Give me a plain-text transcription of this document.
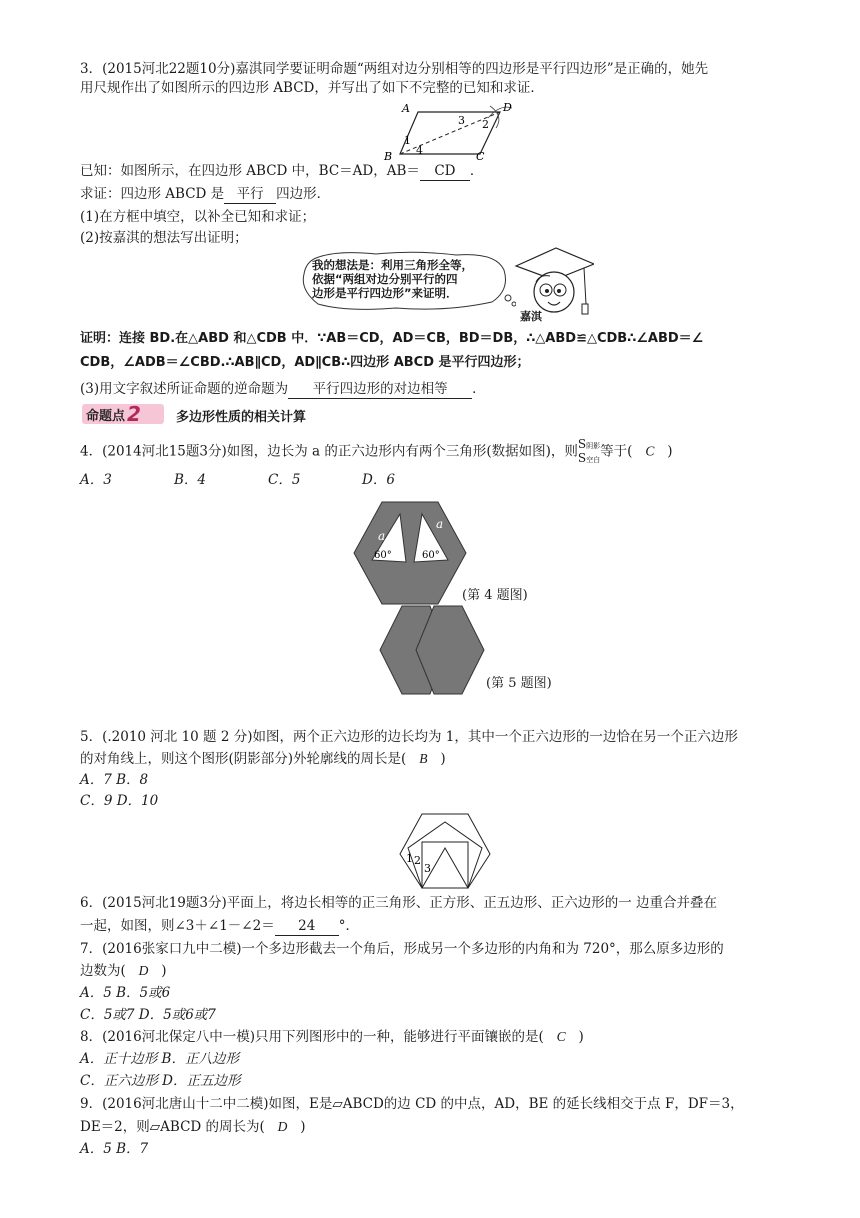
3．(2015河北22题10分)嘉淇同学要证明命题“两组对边分别相等的四边形是平行四边形”是正确的，她先
用尺规作出了如图所示的四边形 ABCD，并写出了如下不完整的已知和求证．
A	D
B	C
1
4
3 2
已知：如图所示，在四边形 ABCD 中，BC＝AD，AB＝ CD ．
求证：四边形 ABCD 是 平行 四边形．
(1)在方框中填空，以补全已知和求证；
(2)按嘉淇的想法写出证明；
我的想法是：利用三角形全等，
依据“两组对边分别平行的四
边形是平行四边形”来证明．
嘉淇
证明：连接 BD.在△ABD 和△CDB 中．∵AB＝CD，AD＝CB，BD＝DB，∴△ABD≌△CDB∴∠ABD＝∠
CDB，∠ADB＝∠CBD.∴AB∥CD，AD∥CB∴四边形 ABCD 是平行四边形；
(3)用文字叙述所证命题的逆命题为 平行四边形的对边相等 ．
命题点 2	多边形性质的相关计算
4．(2014河北15题3分)如图，边长为 a 的正六边形内有两个三角形(数据如图)，则S阴影
S空白等于( C )
A．3	B．4	C．5	D．6
a
a
60°	60°
(第 4 题图)
(第 5 题图)
5．(.2010 河北 10 题 2 分)如图，两个正六边形的边长均为 1，其中一个正六边形的一边恰在另一个正六边形
的对角线上，则这个图形(阴影部分)外轮廓线的周长是( B )
A．7 B．8
C．9 D．10
1 2
3
6．(2015河北19题3分)平面上，将边长相等的正三角形、正方形、正五边形、正六边形的一 边重合并叠在
一起，如图，则∠3＋∠1－∠2＝ 24 °．
7．(2016张家口九中二模)一个多边形截去一个角后，形成另一个多边形的内角和为 720°，那么原多边形的
边数为( D )
A．5 B．5或6
C．5或7 D．5或6或7
8．(2016河北保定八中一模)只用下列图形中的一种，能够进行平面镶嵌的是( C )
A．正十边形 B．正八边形
C．正六边形 D．正五边形
9．(2016河北唐山十二中二模)如图，E是▱ABCD的边 CD 的中点，AD，BE 的延长线相交于点 F，DF＝3，
DE＝2，则▱ABCD 的周长为( D )
A．5 B．7
